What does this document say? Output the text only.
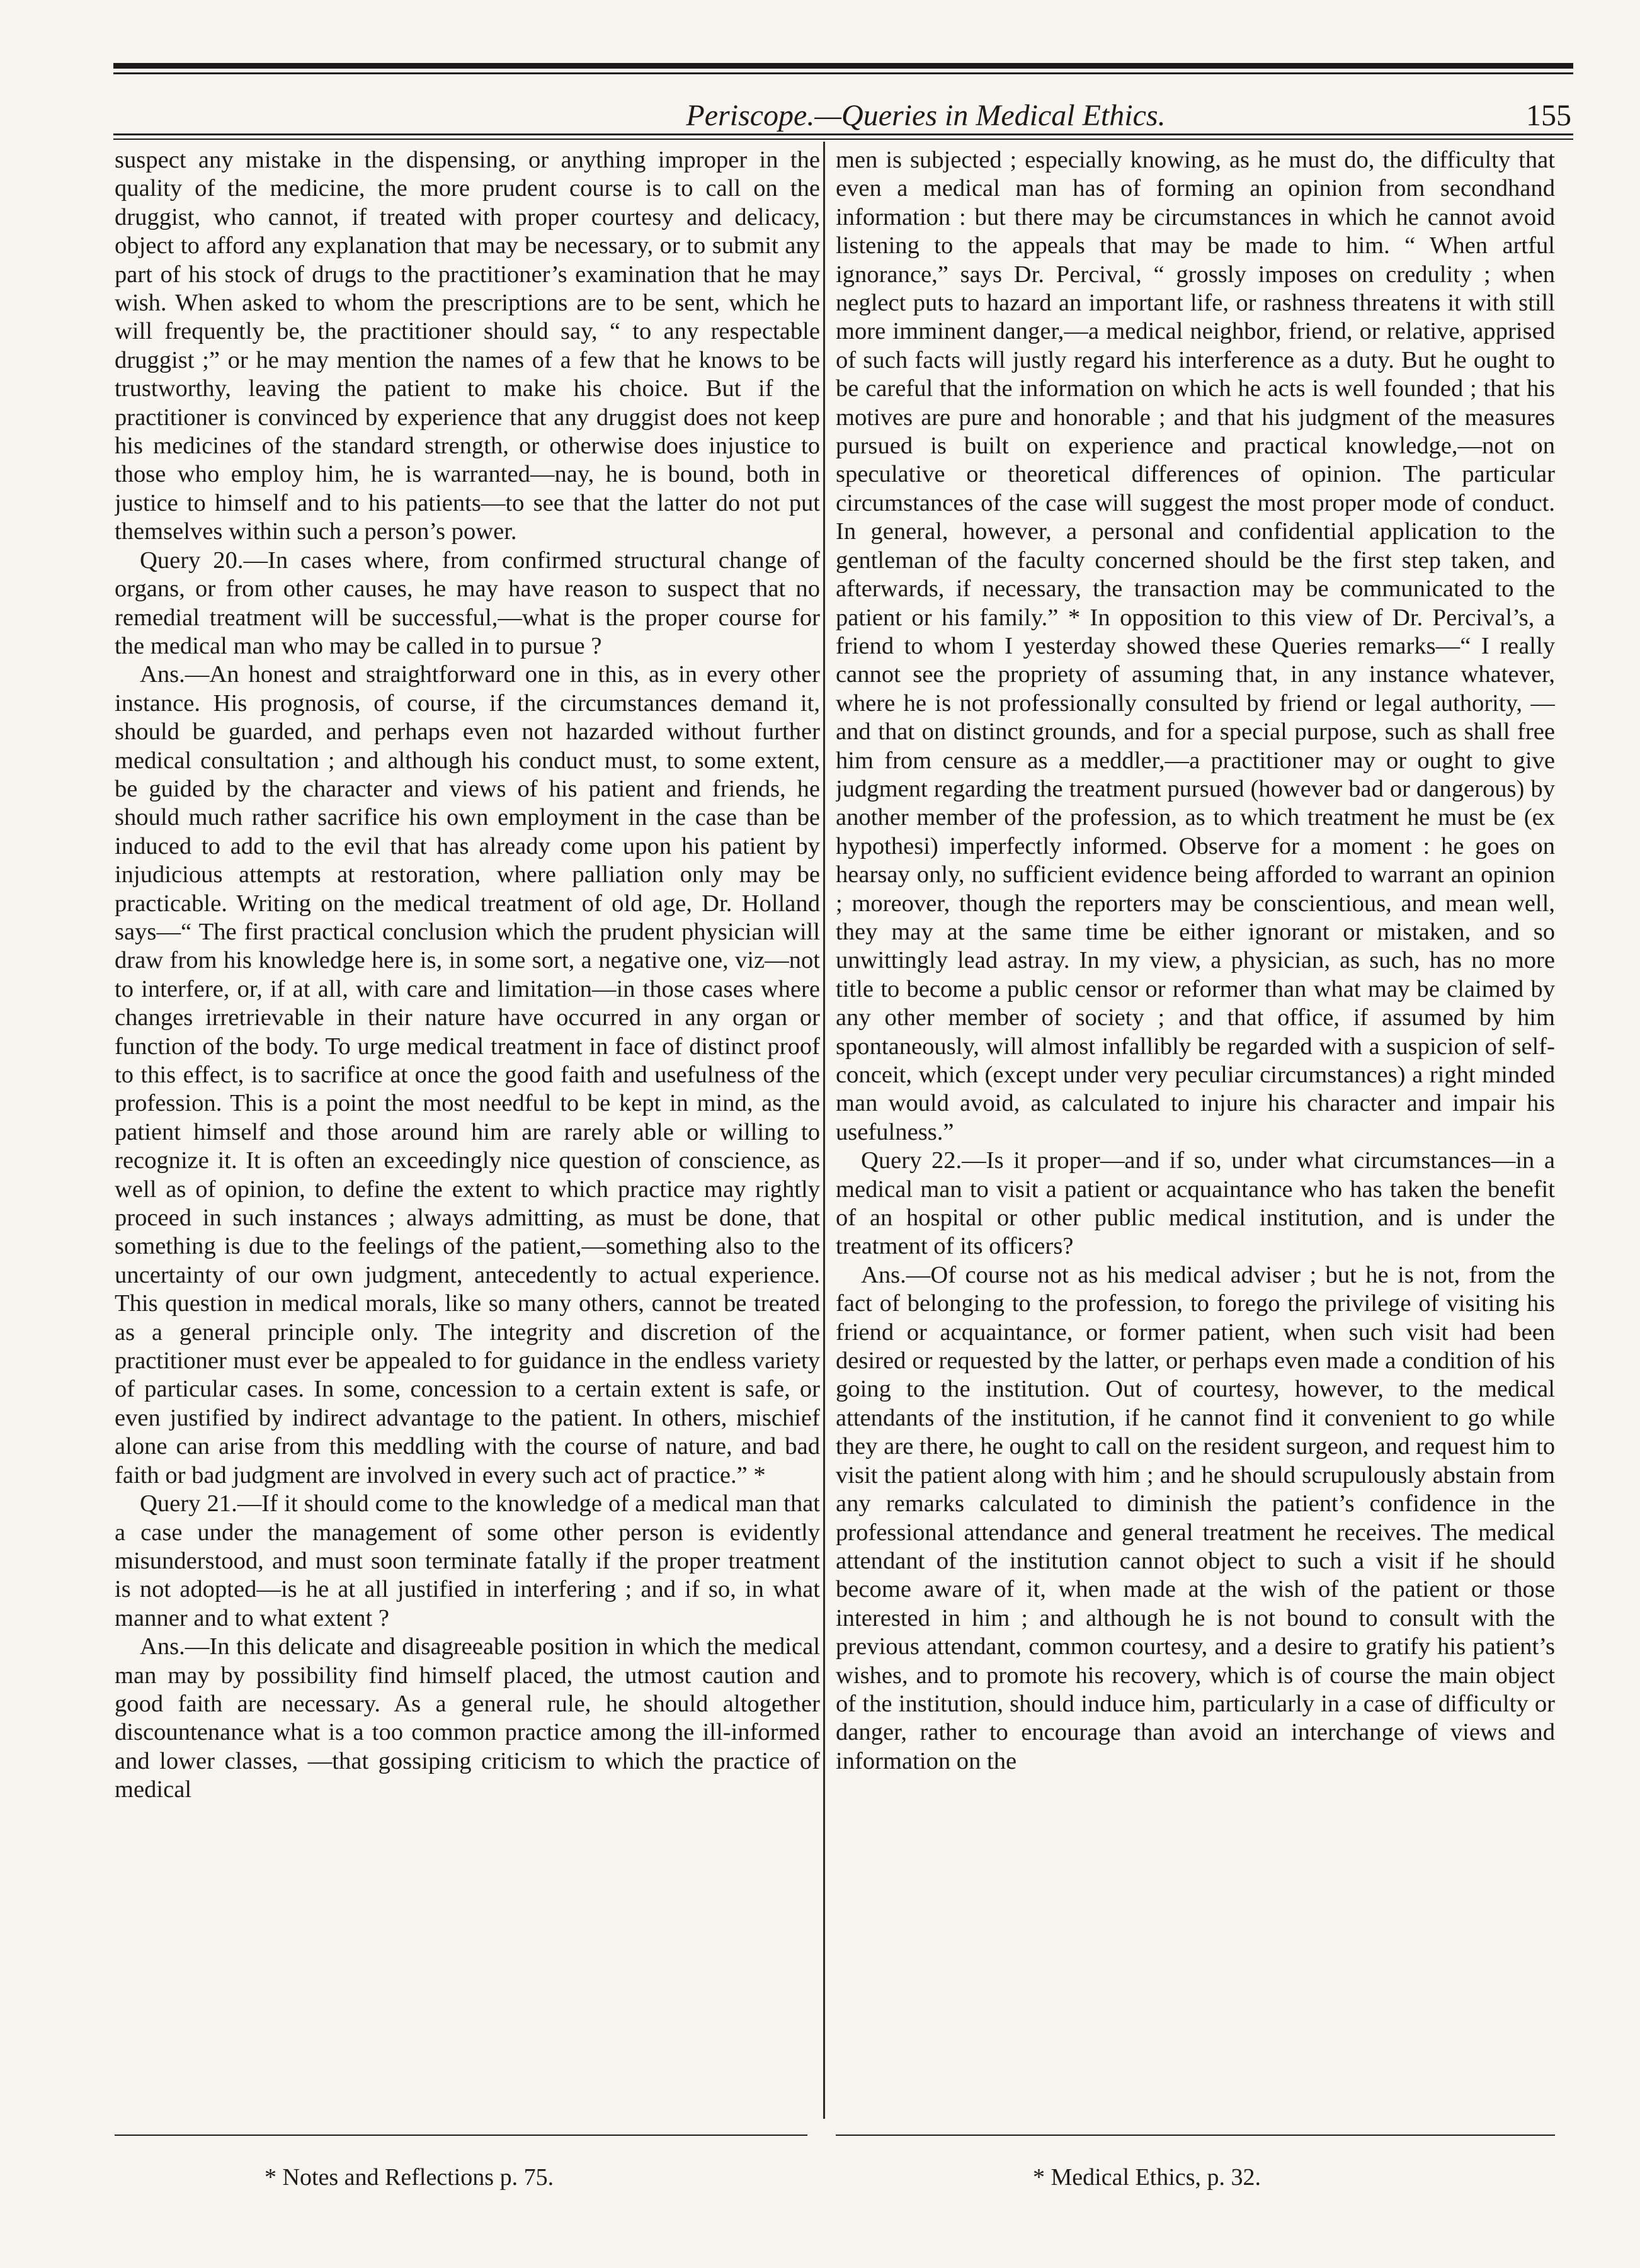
Periscope.—Queries in Medical Ethics.	155

suspect any mistake in the dispensing, or anything improper in the quality of the medicine, the more prudent course is to call on the druggist, who cannot, if treated with proper courtesy and delicacy, object to afford any explanation that may be necessary, or to submit any part of his stock of drugs to the practitioner’s examination that he may wish. When asked to whom the prescriptions are to be sent, which he will frequently be, the practitioner should say, “ to any respectable druggist ;” or he may mention the names of a few that he knows to be trustworthy, leaving the patient to make his choice. But if the practitioner is convinced by experience that any druggist does not keep his medicines of the standard strength, or otherwise does injustice to those who employ him, he is warranted—nay, he is bound, both in justice to himself and to his patients—to see that the latter do not put themselves within such a person’s power.

Query 20.—In cases where, from confirmed structural change of organs, or from other causes, he may have reason to suspect that no remedial treatment will be successful,—what is the proper course for the medical man who may be called in to pursue ?

Ans.—An honest and straightforward one in this, as in every other instance. His prognosis, of course, if the circumstances demand it, should be guarded, and perhaps even not hazarded without further medical consultation ; and although his conduct must, to some extent, be guided by the character and views of his patient and friends, he should much rather sacrifice his own employment in the case than be induced to add to the evil that has already come upon his patient by injudicious attempts at restoration, where palliation only may be practicable. Writing on the medical treatment of old age, Dr. Holland says—“ The first practical conclusion which the prudent physician will draw from his knowledge here is, in some sort, a negative one, viz—not to interfere, or, if at all, with care and limitation—in those cases where changes irretrievable in their nature have occurred in any organ or function of the body. To urge medical treatment in face of distinct proof to this effect, is to sacrifice at once the good faith and usefulness of the profession. This is a point the most needful to be kept in mind, as the patient himself and those around him are rarely able or willing to recognize it. It is often an exceedingly nice question of conscience, as well as of opinion, to define the extent to which practice may rightly proceed in such instances ; always admitting, as must be done, that something is due to the feelings of the patient,—something also to the uncertainty of our own judgment, antecedently to actual experience. This question in medical morals, like so many others, cannot be treated as a general principle only. The integrity and discretion of the practitioner must ever be appealed to for guidance in the endless variety of particular cases. In some, concession to a certain extent is safe, or even justified by indirect advantage to the patient. In others, mischief alone can arise from this meddling with the course of nature, and bad faith or bad judgment are involved in every such act of practice.” *

Query 21.—If it should come to the knowledge of a medical man that a case under the management of some other person is evidently misunderstood, and must soon terminate fatally if the proper treatment is not adopted—is he at all justified in interfering ; and if so, in what manner and to what extent ?

Ans.—In this delicate and disagreeable position in which the medical man may by possibility find himself placed, the utmost caution and good faith are necessary. As a general rule, he should altogether discountenance what is a too common practice among the ill-informed and lower classes, —that gossiping criticism to which the practice of medical

men is subjected ; especially knowing, as he must do, the difficulty that even a medical man has of forming an opinion from secondhand information : but there may be circumstances in which he cannot avoid listening to the appeals that may be made to him. “ When artful ignorance,” says Dr. Percival, “ grossly imposes on credulity ; when neglect puts to hazard an important life, or rashness threatens it with still more imminent danger,—a medical neighbor, friend, or relative, apprised of such facts will justly regard his interference as a duty. But he ought to be careful that the information on which he acts is well founded ; that his motives are pure and honorable ; and that his judgment of the measures pursued is built on experience and practical knowledge,—not on speculative or theoretical differences of opinion. The particular circumstances of the case will suggest the most proper mode of conduct. In general, however, a personal and confidential application to the gentleman of the faculty concerned should be the first step taken, and afterwards, if necessary, the transaction may be communicated to the patient or his family.” * In opposition to this view of Dr. Percival’s, a friend to whom I yesterday showed these Queries remarks—“ I really cannot see the propriety of assuming that, in any instance whatever, where he is not professionally consulted by friend or legal authority, —and that on distinct grounds, and for a special purpose, such as shall free him from censure as a meddler,—a practitioner may or ought to give judgment regarding the treatment pursued (however bad or dangerous) by another member of the profession, as to which treatment he must be (ex hypothesi) imperfectly informed. Observe for a moment : he goes on hearsay only, no sufficient evidence being afforded to warrant an opinion ; moreover, though the reporters may be conscientious, and mean well, they may at the same time be either ignorant or mistaken, and so unwittingly lead astray. In my view, a physician, as such, has no more title to become a public censor or reformer than what may be claimed by any other member of society ; and that office, if assumed by him spontaneously, will almost infallibly be regarded with a suspicion of self-conceit, which (except under very peculiar circumstances) a right minded man would avoid, as calculated to injure his character and impair his usefulness.”

Query 22.—Is it proper—and if so, under what circumstances—in a medical man to visit a patient or acquaintance who has taken the benefit of an hospital or other public medical institution, and is under the treatment of its officers?

Ans.—Of course not as his medical adviser ; but he is not, from the fact of belonging to the profession, to forego the privilege of visiting his friend or acquaintance, or former patient, when such visit had been desired or requested by the latter, or perhaps even made a condition of his going to the institution. Out of courtesy, however, to the medical attendants of the institution, if he cannot find it convenient to go while they are there, he ought to call on the resident surgeon, and request him to visit the patient along with him ; and he should scrupulously abstain from any remarks calculated to diminish the patient’s confidence in the professional attendance and general treatment he receives. The medical attendant of the institution cannot object to such a visit if he should become aware of it, when made at the wish of the patient or those interested in him ; and although he is not bound to consult with the previous attendant, common courtesy, and a desire to gratify his patient’s wishes, and to promote his recovery, which is of course the main object of the institution, should induce him, particularly in a case of difficulty or danger, rather to encourage than avoid an interchange of views and information on the

* Notes and Reflections p. 75.	* Medical Ethics, p. 32.
